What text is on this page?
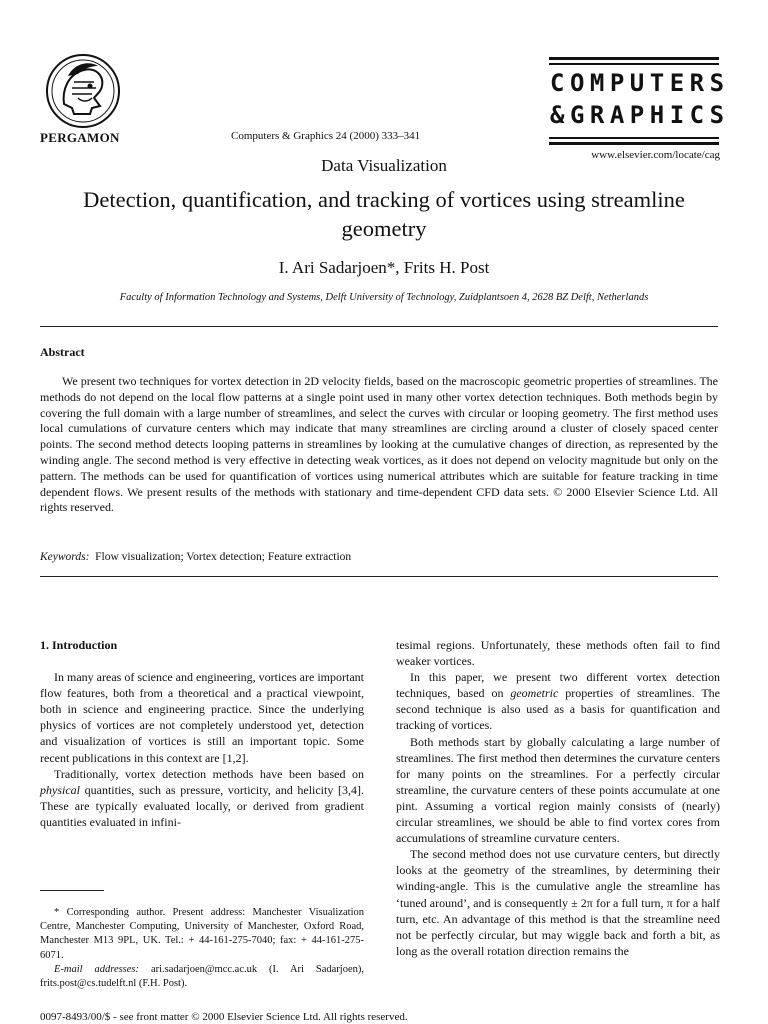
PERGAMON	Computers & Graphics 24 (2000) 333–341
COMPUTERS
&GRAPHICS
www.elsevier.com/locate/cag
Data Visualization
Detection, quantification, and tracking of vortices using streamline geometry
I. Ari Sadarjoen*, Frits H. Post
Faculty of Information Technology and Systems, Delft University of Technology, Zuidplantsoen 4, 2628 BZ Delft, Netherlands
Abstract

We present two techniques for vortex detection in 2D velocity fields, based on the macroscopic geometric properties of streamlines. The methods do not depend on the local flow patterns at a single point used in many other vortex detection techniques. Both methods begin by covering the full domain with a large number of streamlines, and select the curves with circular or looping geometry. The first method uses local cumulations of curvature centers which may indicate that many streamlines are circling around a cluster of closely spaced center points. The second method detects looping patterns in streamlines by looking at the cumulative changes of direction, as represented by the winding angle. The second method is very effective in detecting weak vortices, as it does not depend on velocity magnitude but only on the pattern. The methods can be used for quantification of vortices using numerical attributes which are suitable for feature tracking in time dependent flows. We present results of the methods with stationary and time-dependent CFD data sets. © 2000 Elsevier Science Ltd. All rights reserved.

Keywords: Flow visualization; Vortex detection; Feature extraction

1. Introduction

In many areas of science and engineering, vortices are important flow features, both from a theoretical and a practical viewpoint, both in science and engineering practice. Since the underlying physics of vortices are not completely understood yet, detection and visualization of vortices is still an important topic. Some recent publications in this context are [1,2].

Traditionally, vortex detection methods have been based on physical quantities, such as pressure, vorticity, and helicity [3,4]. These are typically evaluated locally, or derived from gradient quantities evaluated in infini-

* Corresponding author. Present address: Manchester Visualization Centre, Manchester Computing, University of Manchester, Oxford Road, Manchester M13 9PL, UK. Tel.: + 44-161-275-7040; fax: + 44-161-275-6071.

E-mail addresses: ari.sadarjoen@mcc.ac.uk (I. Ari Sadarjoen), frits.post@cs.tudelft.nl (F.H. Post).

tesimal regions. Unfortunately, these methods often fail to find weaker vortices.

In this paper, we present two different vortex detection techniques, based on geometric properties of streamlines. The second technique is also used as a basis for quantification and tracking of vortices.

Both methods start by globally calculating a large number of streamlines. The first method then determines the curvature centers for many points on the streamlines. For a perfectly circular streamline, the curvature centers of these points accumulate at one pint. Assuming a vortical region mainly consists of (nearly) circular streamlines, we should be able to find vortex cores from accumulations of streamline curvature centers.

The second method does not use curvature centers, but directly looks at the geometry of the streamlines, by determining their winding-angle. This is the cumulative angle the streamline has ‘tuned around’, and is consequently ± 2π for a full turn, π for a half turn, etc. An advantage of this method is that the streamline need not be perfectly circular, but may wiggle back and forth a bit, as long as the overall rotation direction remains the

0097-8493/00/$ - see front matter © 2000 Elsevier Science Ltd. All rights reserved.
